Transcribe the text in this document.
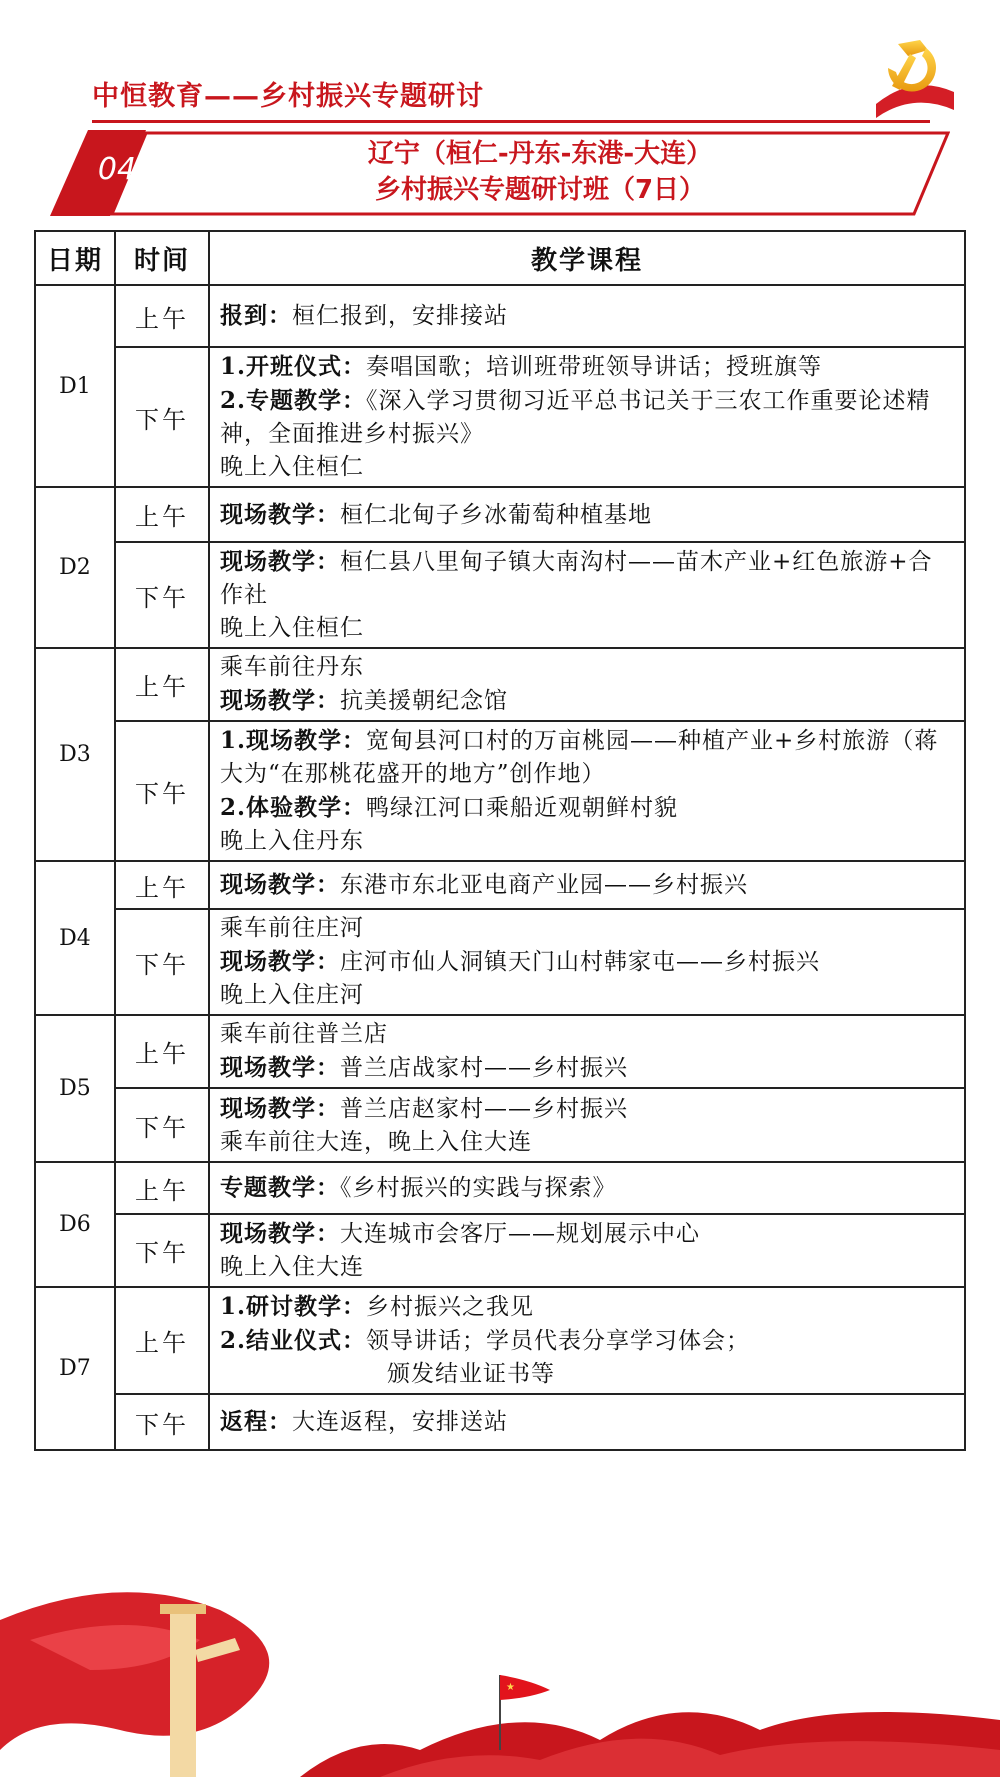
中恒教育——乡村振兴专题研讨
04	辽宁（桓仁-丹东-东港-大连）
乡村振兴专题研讨班（7日）
日期	时间	教学课程
D1	上午	报到：桓仁报到，安排接站

	下午	1.开班仪式：奏唱国歌；培训班带班领导讲话；授班旗等
2.专题教学：《深入学习贯彻习近平总书记关于三农工作重要论述精神，全面推进乡村振兴》
晚上入住桓仁

D2	上午	现场教学：桓仁北甸子乡冰葡萄种植基地

	下午	现场教学：桓仁县八里甸子镇大南沟村——苗木产业+红色旅游+合作社
晚上入住桓仁

D3	上午	乘车前往丹东
现场教学：抗美援朝纪念馆

	下午	1.现场教学：宽甸县河口村的万亩桃园——种植产业+乡村旅游（蒋大为“在那桃花盛开的地方”创作地）
2.体验教学：鸭绿江河口乘船近观朝鲜村貌
晚上入住丹东

D4	上午	现场教学：东港市东北亚电商产业园——乡村振兴

	下午	乘车前往庄河
现场教学：庄河市仙人洞镇天门山村韩家屯——乡村振兴
晚上入住庄河

D5	上午	乘车前往普兰店
现场教学：普兰店战家村——乡村振兴

	下午	现场教学：普兰店赵家村——乡村振兴
乘车前往大连，晚上入住大连

D6	上午	专题教学：《乡村振兴的实践与探索》

	下午	现场教学：大连城市会客厅——规划展示中心
晚上入住大连

D7	上午	1.研讨教学：乡村振兴之我见
2.结业仪式：领导讲话；学员代表分享学习体会；
颁发结业证书等

	下午	返程：大连返程，安排送站
★
